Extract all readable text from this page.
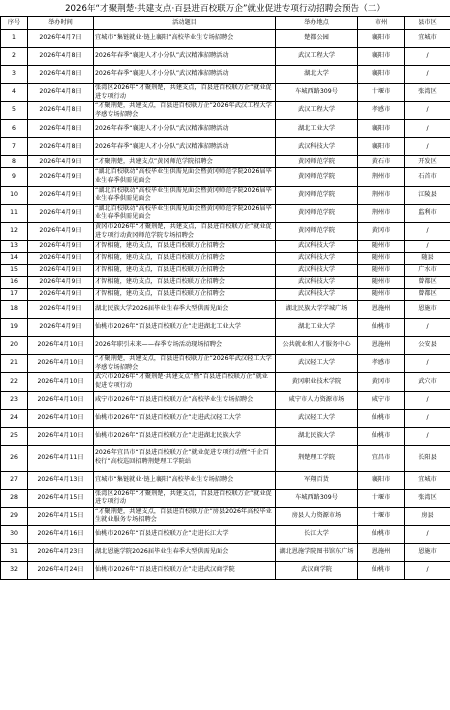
2026年“才聚荆楚·共建支点·百县进百校联万企”就业促进专项行动招聘会预告（二）
序号	举办时间	活动题目	举办地点	市州	县市区
1	2026年4月7日	宜城市“集链就业·链上襄阳”高校毕业生专场招聘会	楚都公园	襄阳市	宜城市
2	2026年4月8日	2026年春季“襄迎人才小分队”武汉精准招聘活动	武汉工程大学	襄阳市	/
3	2026年4月8日	2026年春季“襄迎人才小分队”武汉精准招聘活动	湖北大学	襄阳市	/
4	2026年4月8日	张湾区2026年“才聚荆楚，共建支点，百县进百校联万企”就业促进专项行动	车城西路309号	十堰市	张湾区
5	2026年4月8日	“才聚荆楚，共建支点，百县进百校联万企”2026年武汉工程大学孝感专场招聘会	武汉工程大学	孝感市	/
6	2026年4月8日	2026年春季“襄迎人才小分队”武汉精准招聘活动	湖北工业大学	襄阳市	/
7	2026年4月8日	2026年春季“襄迎人才小分队”武汉精准招聘活动	武汉科技大学	襄阳市	/
8	2026年4月9日	“才聚荆楚，共建支点”黄冈师范学院招聘会	黄冈师范学院	黄石市	开发区
9	2026年4月9日	“湖北百校联动”高校毕业生供需见面会暨黄冈师范学院2026届毕业生春季供需见面会	黄冈师范学院	荆州市	石首市
10	2026年4月9日	“湖北百校联动”高校毕业生供需见面会暨黄冈师范学院2026届毕业生春季供需见面会	黄冈师范学院	荆州市	江陵县
11	2026年4月9日	“湖北百校联动”高校毕业生供需见面会暨黄冈师范学院2026届毕业生春季供需见面会	黄冈师范学院	荆州市	监利市
12	2026年4月9日	黄冈市2026年“才聚荆楚，共建支点，百县进百校联万企”就业促进专项行动黄冈师范学院专场招聘会	黄冈师范学院	黄冈市	/
13	2026年4月9日	才智相随，建功支点，百县进百校联万企招聘会	武汉科技大学	随州市	/
14	2026年4月9日	才智相随，建功支点，百县进百校联万企招聘会	武汉科技大学	随州市	随县
15	2026年4月9日	才智相随，建功支点，百县进百校联万企招聘会	武汉科技大学	随州市	广水市
16	2026年4月9日	才智相随，建功支点，百县进百校联万企招聘会	武汉科技大学	随州市	曾都区
17	2026年4月9日	才智相随，建功支点，百县进百校联万企招聘会	武汉科技大学	随州市	曾都区
18	2026年4月9日	湖北民族大学2026届毕业生春季大型供需见面会	湖北民族大学学城广场	恩施州	恩施市
19	2026年4月9日	仙桃市2026年“百县进百校联万企”走进湖北工业大学	湖北工业大学	仙桃市	/
20	2026年4月10日	2026年职引未来——春季专场活动现场招聘会	公共就业和人才服务中心	恩施州	公安县
21	2026年4月10日	“才聚荆楚，共建支点，百县进百校联万企”2026年武汉轻工大学孝感专场招聘会	武汉轻工大学	孝感市	/
22	2026年4月10日	武穴市2026年“才聚荆楚·共建支点”暨“百县进百校联万企”就业促进专项行动	黄冈职业技术学院	黄冈市	武穴市
23	2026年4月10日	咸宁市2026年“百县进百校联万企”高校毕业生专场招聘会	咸宁市人力资源市场	咸宁市	/
24	2026年4月10日	仙桃市2026年“百县进百校联万企”走进武汉轻工大学	武汉轻工大学	仙桃市	/
25	2026年4月10日	仙桃市2026年“百县进百校联万企”走进湖北民族大学	湖北民族大学	仙桃市	/
26	2026年4月11日	2026年宜昌市“百县进百校联万企”就业促进专项行动暨“千企百校行”高校巡回招聘荆楚理工学院站	荆楚理工学院	宜昌市	长阳县
27	2026年4月13日	宜城市“集链就业·链上襄阳”高校毕业生专场招聘会	军翔百货	襄阳市	宜城市
28	2026年4月15日	张湾区2026年“才聚荆楚，共建支点，百县进百校联万企”就业促进专项行动	车城西路309号	十堰市	张湾区
29	2026年4月15日	“才聚荆楚，共建支点，百县进百校联万企”房县2026年高校毕业生就业服务专场招聘会	房县人力资源市场	十堰市	房县
30	2026年4月16日	仙桃市2026年“百县进百校联万企”走进长江大学	长江大学	仙桃市	/
31	2026年4月23日	湖北恩施学院2026届毕业生春季大型供需见面会	湖北恩施学院图书馆东广场	恩施州	恩施市
32	2026年4月24日	仙桃市2026年“百县进百校联万企”走进武汉商学院	武汉商学院	仙桃市	/
